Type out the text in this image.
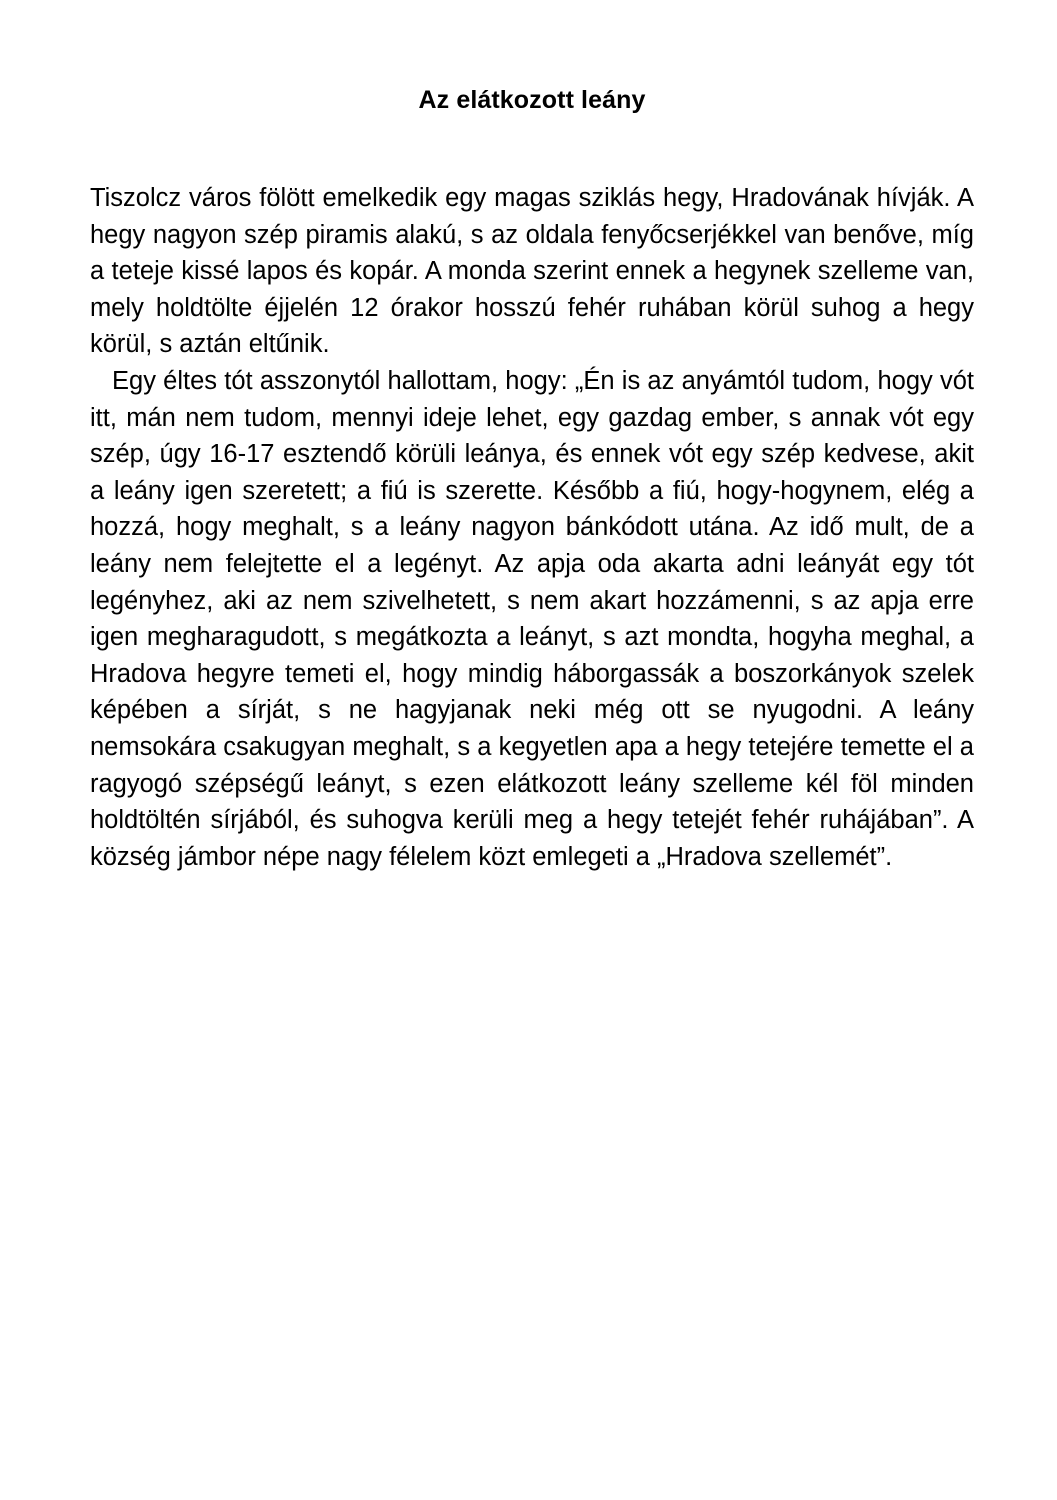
Az elátkozott leány

Tiszolcz város fölött emelkedik egy magas sziklás hegy, Hradovának hívják. A hegy nagyon szép piramis alakú, s az oldala fenyőcserjékkel van benőve, míg a teteje kissé lapos és kopár. A monda szerint ennek a hegynek szelleme van, mely holdtölte éjjelén 12 órakor hosszú fehér ruhában körül suhog a hegy körül, s aztán eltűnik.

Egy éltes tót asszonytól hallottam, hogy: „Én is az anyámtól tudom, hogy vót itt, mán nem tudom, mennyi ideje lehet, egy gazdag ember, s annak vót egy szép, úgy 16-17 esztendő körüli leánya, és ennek vót egy szép kedvese, akit a leány igen szeretett; a fiú is szerette. Később a fiú, hogy-hogynem, elég a hozzá, hogy meghalt, s a leány nagyon bánkódott utána. Az idő mult, de a leány nem felejtette el a legényt. Az apja oda akarta adni leányát egy tót legényhez, aki az nem szivelhetett, s nem akart hozzámenni, s az apja erre igen megharagudott, s megátkozta a leányt, s azt mondta, hogyha meghal, a Hradova hegyre temeti el, hogy mindig háborgassák a boszorkányok szelek képében a sírját, s ne hagyjanak neki még ott se nyugodni. A leány nemsokára csakugyan meghalt, s a kegyetlen apa a hegy tetejére temette el a ragyogó szépségű leányt, s ezen elátkozott leány szelleme kél föl minden holdtöltén sírjából, és suhogva kerüli meg a hegy tetejét fehér ruhájában”. A község jámbor népe nagy félelem közt emlegeti a „Hradova szellemét”.
